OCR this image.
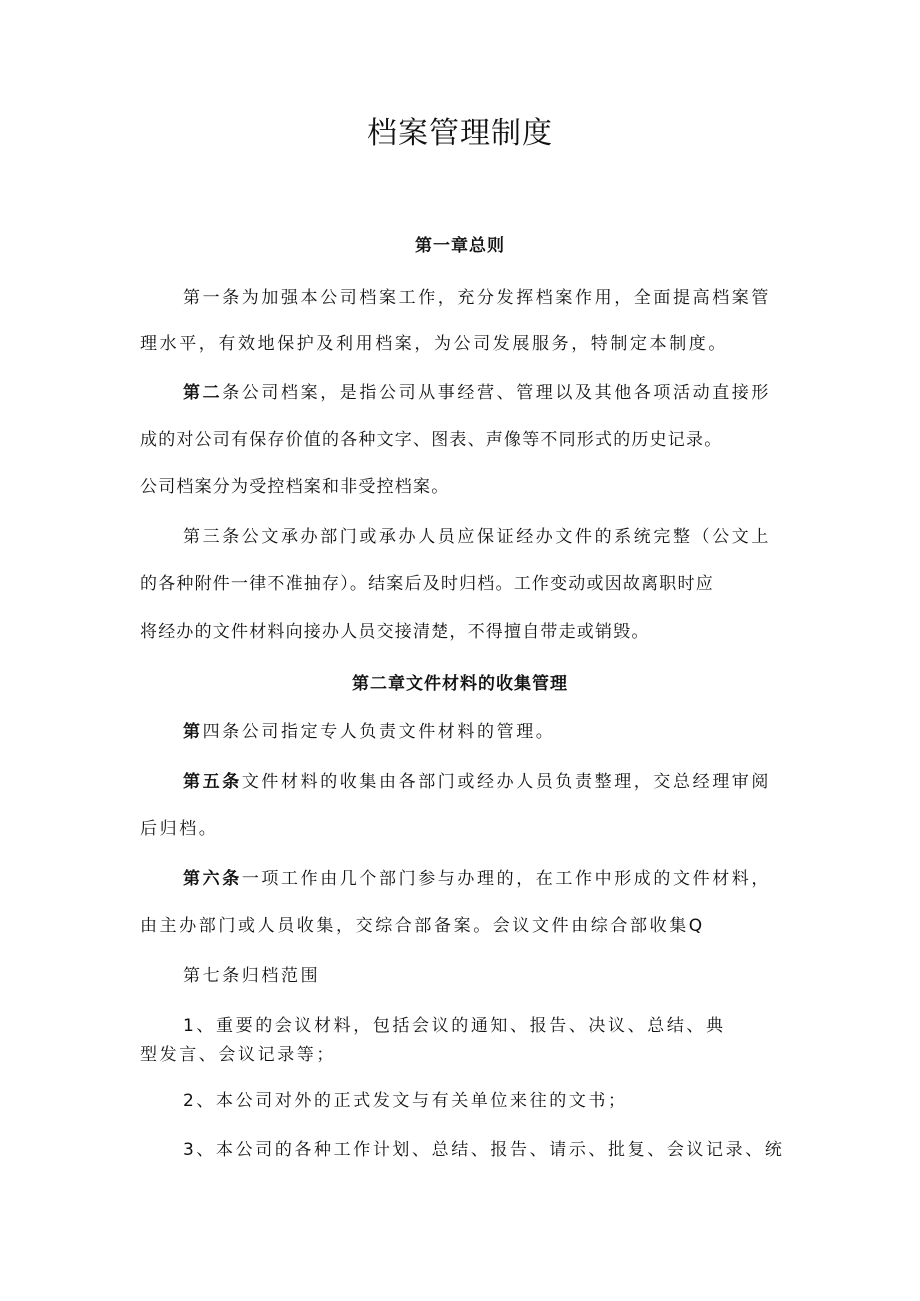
档案管理制度
第一章总则
第一条为加强本公司档案工作，充分发挥档案作用，全面提高档案管
理水平，有效地保护及利用档案，为公司发展服务，特制定本制度。
第二条公司档案，是指公司从事经营、管理以及其他各项活动直接形
成的对公司有保存价值的各种文字、图表、声像等不同形式的历史记录。
公司档案分为受控档案和非受控档案。
第三条公文承办部门或承办人员应保证经办文件的系统完整（公文上
的各种附件一律不准抽存）。结案后及时归档。工作变动或因故离职时应
将经办的文件材料向接办人员交接清楚，不得擅自带走或销毁。
第二章文件材料的收集管理
第四条公司指定专人负责文件材料的管理。
第五条文件材料的收集由各部门或经办人员负责整理，交总经理审阅
后归档。
第六条一项工作由几个部门参与办理的，在工作中形成的文件材料，
由主办部门或人员收集，交综合部备案。会议文件由综合部收集Q
第七条归档范围
1、重要的会议材料，包括会议的通知、报告、决议、总结、典
型发言、会议记录等；
2、本公司对外的正式发文与有关单位来往的文书；
3、本公司的各种工作计划、总结、报告、请示、批复、会议记录、统
